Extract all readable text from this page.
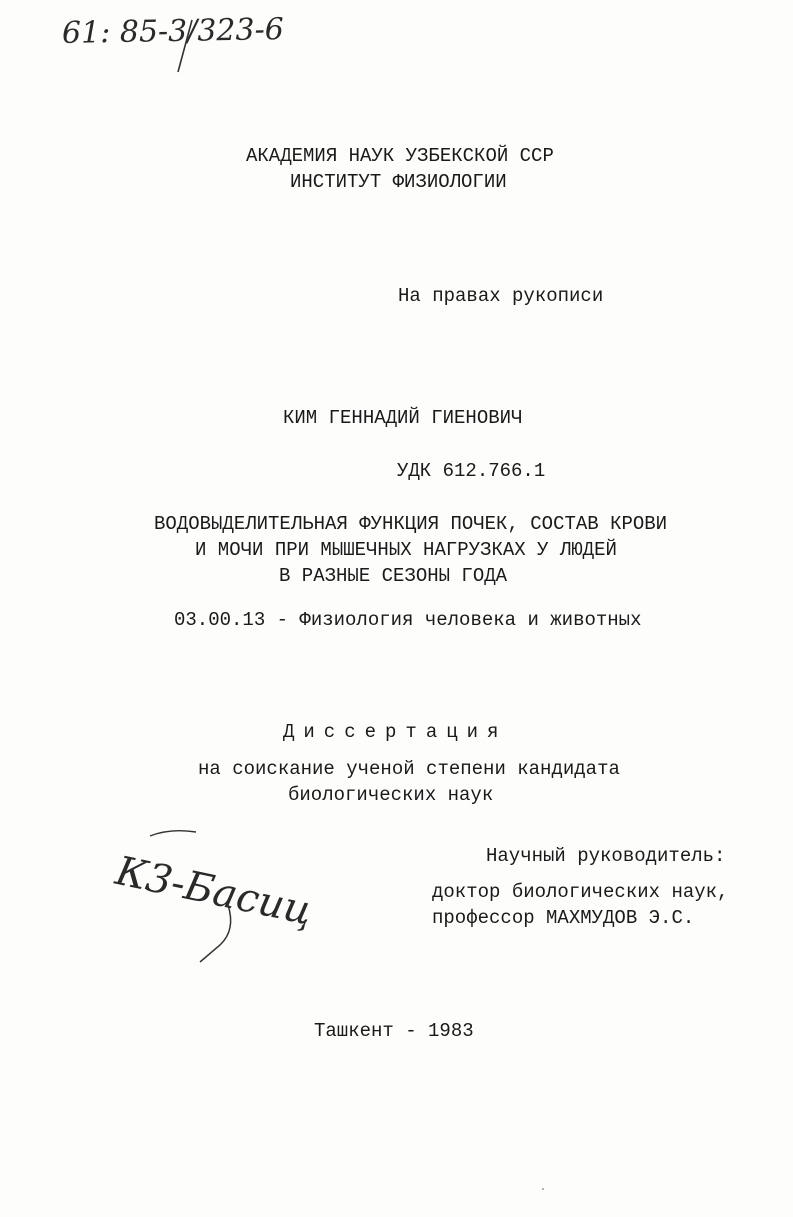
61: 85-3/323-6
АКАДЕМИЯ НАУК УЗБЕКСКОЙ ССР
ИНСТИТУТ ФИЗИОЛОГИИ
На правах рукописи
КИМ ГЕННАДИЙ ГИЕНОВИЧ
УДК 612.766.1
ВОДОВЫДЕЛИТЕЛЬНАЯ ФУНКЦИЯ ПОЧЕК, СОСТАВ КРОВИ
И МОЧИ ПРИ МЫШЕЧНЫХ НАГРУЗКАХ У ЛЮДЕЙ
В РАЗНЫЕ СЕЗОНЫ ГОДА
03.00.13 - Физиология человека и животных
Диссертация
на соискание ученой степени кандидата
биологических наук

К3-Басиц
	Научный руководитель:
доктор биологических наук,
профессор МАХМУДОВ Э.С.
Ташкент - 1983
